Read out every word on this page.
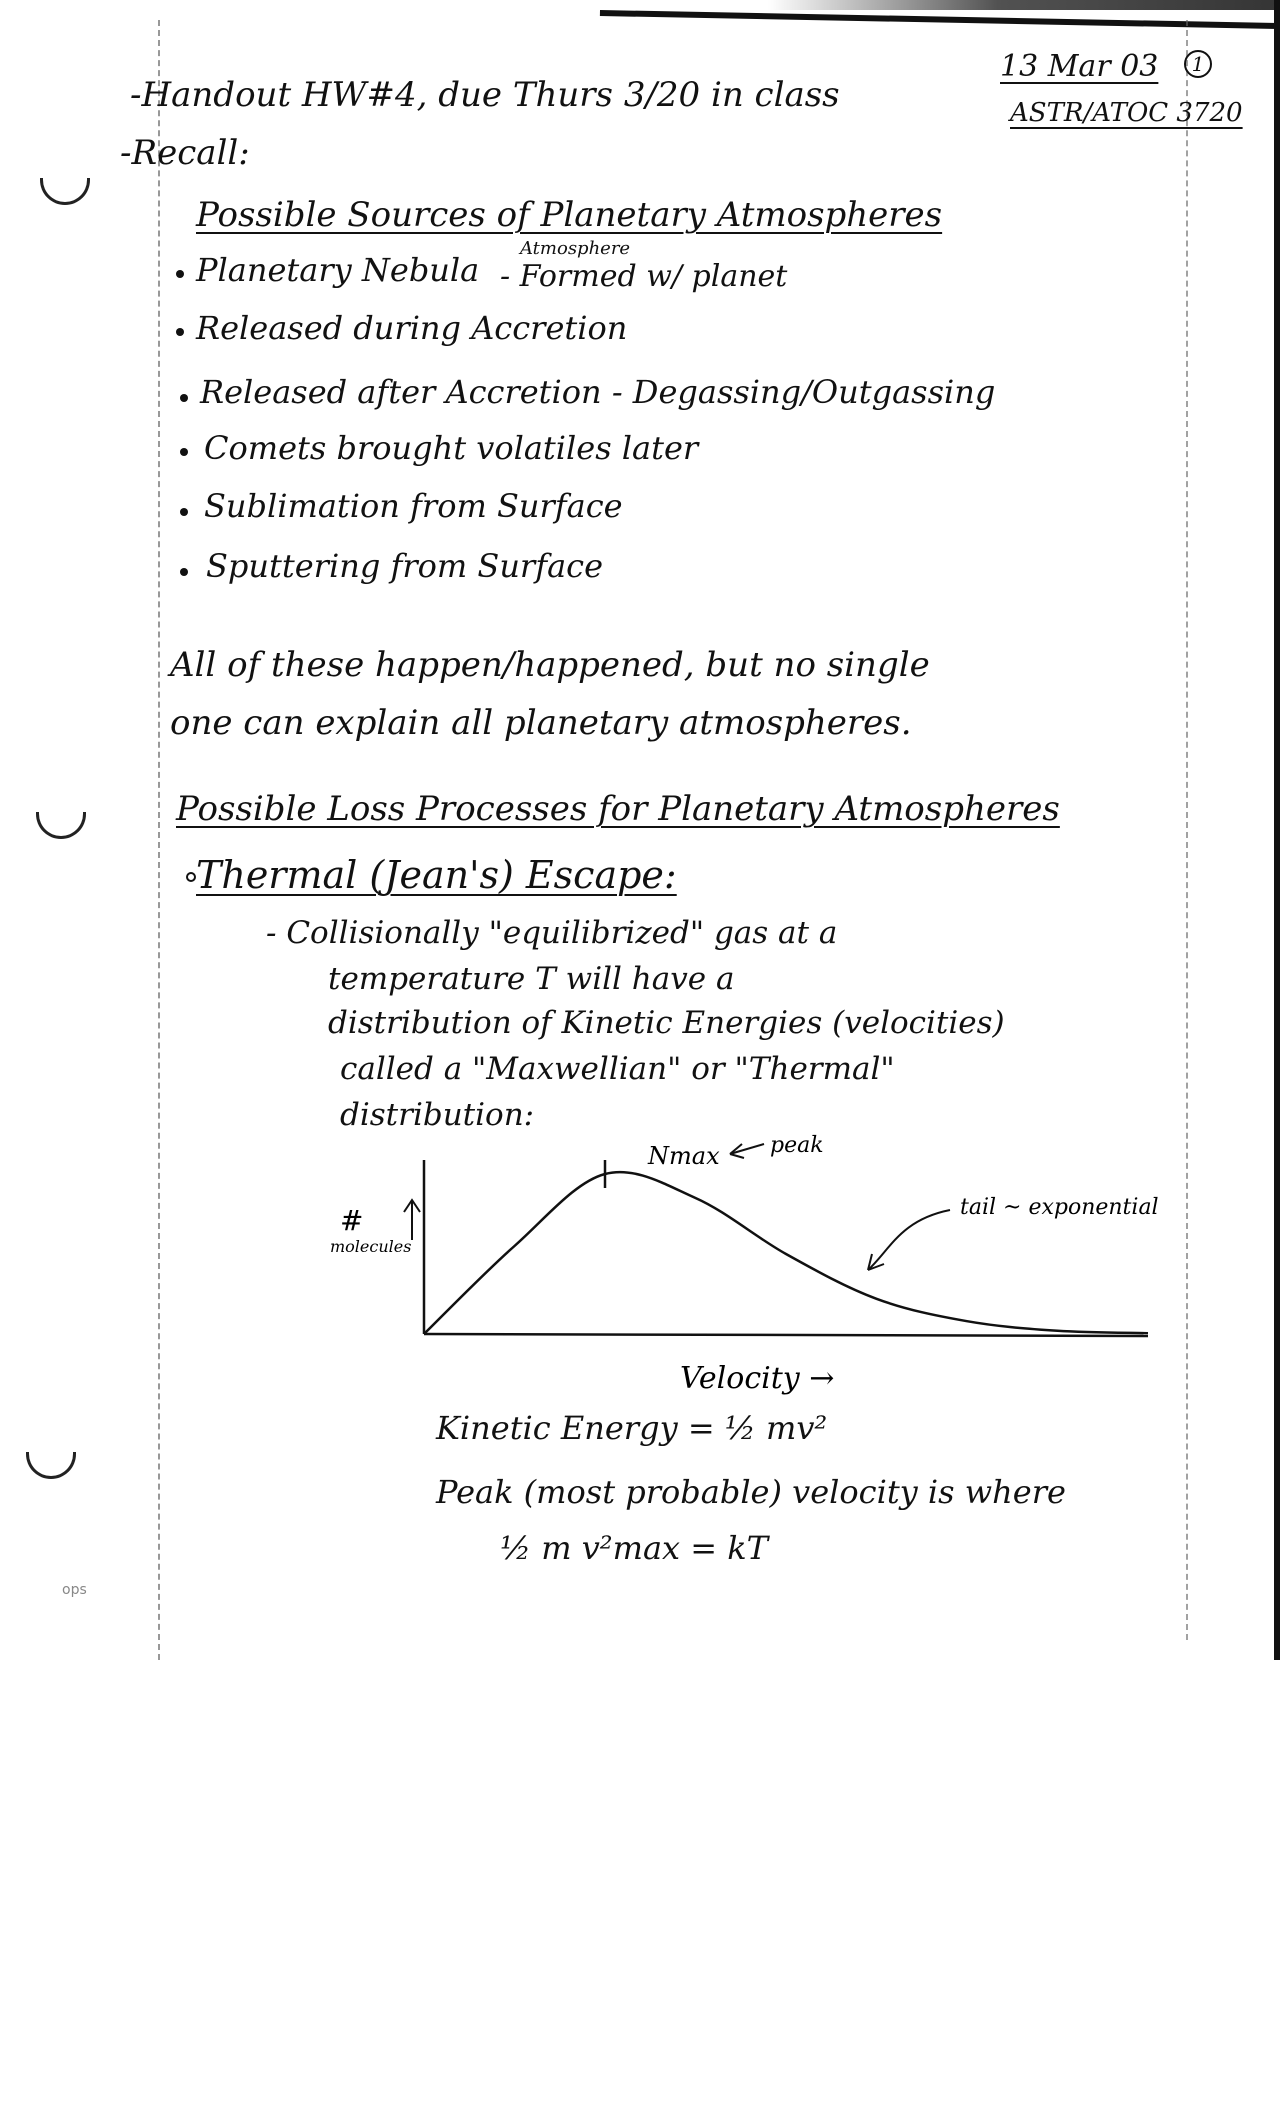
-Handout HW#4, due Thurs 3/20 in class
13 Mar 03	1
ASTR/ATOC 3720
-Recall:
Possible Sources of Planetary Atmospheres
Planetary Nebula
Atmosphere
- Formed w/ planet
Released during Accretion
Released after Accretion - Degassing/Outgassing
Comets brought volatiles later
Sublimation from Surface
Sputtering from Surface
All of these happen/happened, but no single
one can explain all planetary atmospheres.
Possible Loss Processes for Planetary Atmospheres
Thermal (Jean's) Escape:
- Collisionally "equilibrized" gas at a
temperature T will have a
distribution of Kinetic Energies (velocities)
called a "Maxwellian" or "Thermal"
distribution:
#
molecules
Nmax peak
tail ~ exponential
Velocity →
Kinetic Energy = ½ mv²
Peak (most probable) velocity is where
½ m v²max = kT
ops
